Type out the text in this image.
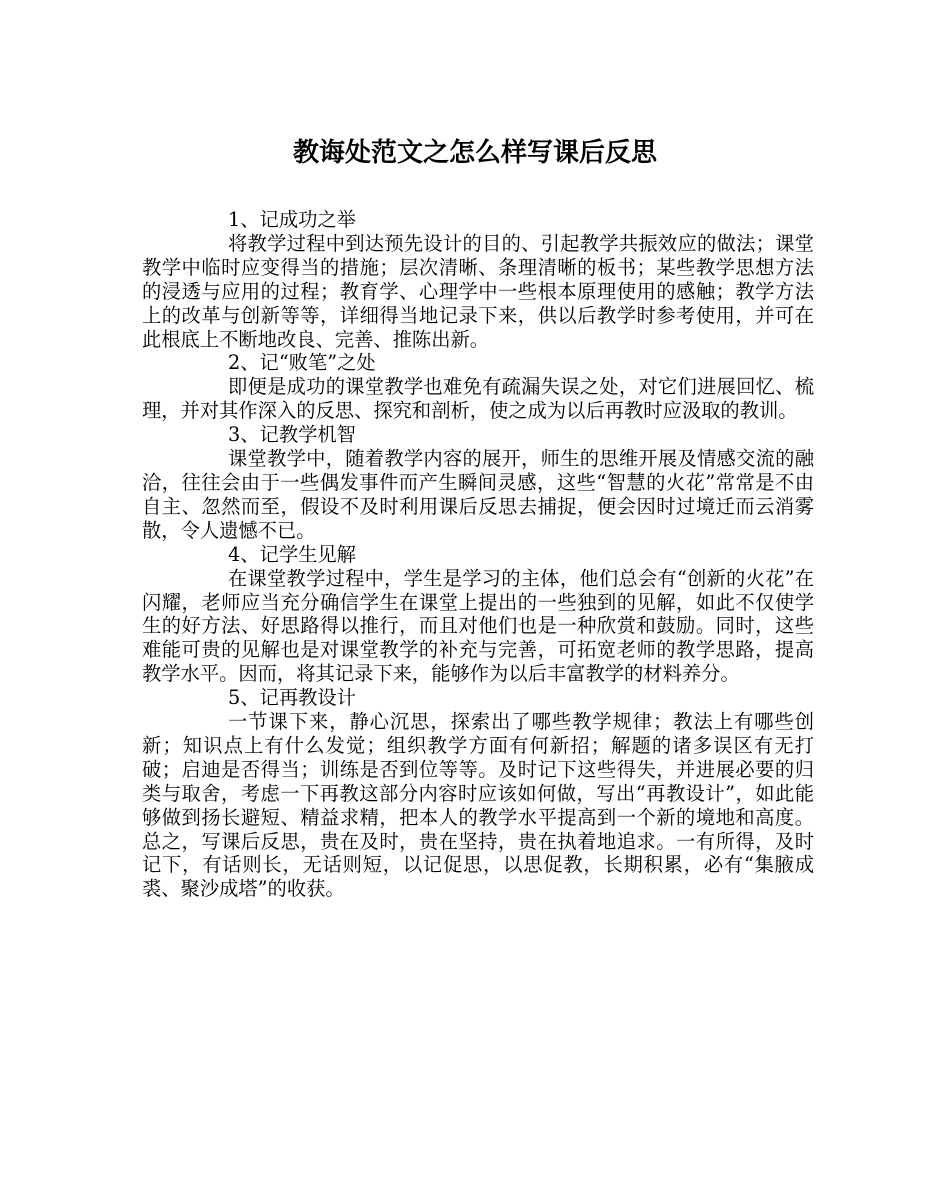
教诲处范文之怎么样写课后反思
1、记成功之举
将教学过程中到达预先设计的目的、引起教学共振效应的做法；课堂教学中临时应变得当的措施；层次清晰、条理清晰的板书；某些教学思想方法的浸透与应用的过程；教育学、心理学中一些根本原理使用的感触；教学方法上的改革与创新等等，详细得当地记录下来，供以后教学时参考使用，并可在此根底上不断地改良、完善、推陈出新。
2、记“败笔”之处
即便是成功的课堂教学也难免有疏漏失误之处，对它们进展回忆、梳理，并对其作深入的反思、探究和剖析，使之成为以后再教时应汲取的教训。
3、记教学机智
课堂教学中，随着教学内容的展开，师生的思维开展及情感交流的融洽，往往会由于一些偶发事件而产生瞬间灵感，这些“智慧的火花”常常是不由自主、忽然而至，假设不及时利用课后反思去捕捉，便会因时过境迁而云消雾散，令人遗憾不已。
4、记学生见解
在课堂教学过程中，学生是学习的主体，他们总会有“创新的火花”在闪耀，老师应当充分确信学生在课堂上提出的一些独到的见解，如此不仅使学生的好方法、好思路得以推行，而且对他们也是一种欣赏和鼓励。同时，这些难能可贵的见解也是对课堂教学的补充与完善，可拓宽老师的教学思路，提高教学水平。因而，将其记录下来，能够作为以后丰富教学的材料养分。
5、记再教设计
一节课下来，静心沉思，探索出了哪些教学规律；教法上有哪些创新；知识点上有什么发觉；组织教学方面有何新招；解题的诸多误区有无打破；启迪是否得当；训练是否到位等等。及时记下这些得失，并进展必要的归类与取舍，考虑一下再教这部分内容时应该如何做，写出“再教设计”，如此能够做到扬长避短、精益求精，把本人的教学水平提高到一个新的境地和高度。总之，写课后反思，贵在及时，贵在坚持，贵在执着地追求。一有所得，及时记下，有话则长，无话则短，以记促思，以思促教，长期积累，必有“集腋成裘、聚沙成塔”的收获。
